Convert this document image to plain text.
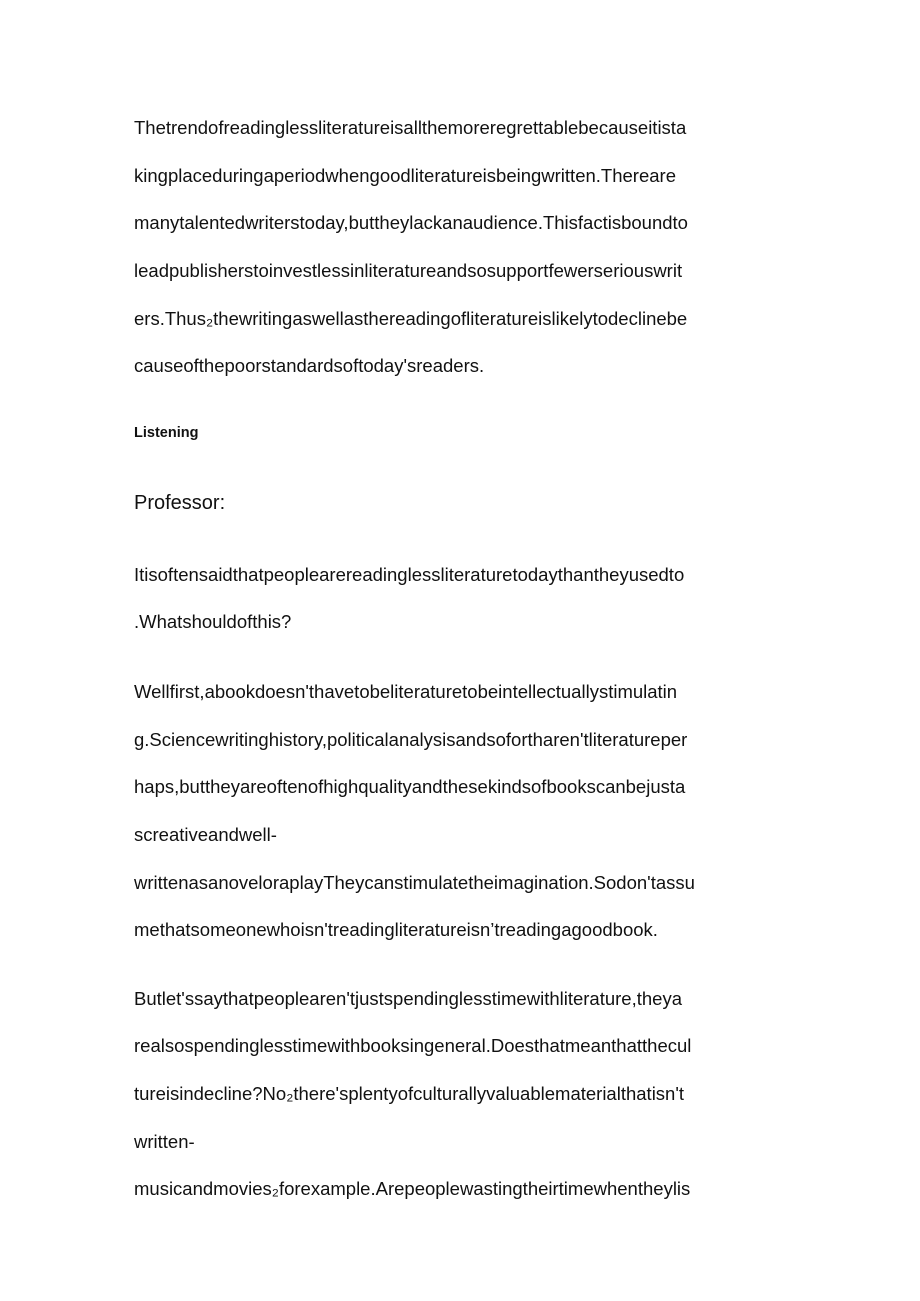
Thetrendofreadinglessliteratureisallthemoreregrettablebecauseitista

kingplaceduringaperiodwhengoodliteratureisbeingwritten.Thereare

manytalentedwriterstoday,buttheylackanaudience.Thisfactisboundto

leadpublisherstoinvestlessinliteratureandsosupportfewerseriouswrit

ers.Thus₂thewritingaswellasthereadingofliteratureislikelytodeclinebe

causeofthepoorstandardsoftoday'sreaders.

Listening

Professor:

Itisoftensaidthatpeoplearereadinglessliteraturetodaythantheyusedto

.Whatshouldofthis?

Wellfirst,abookdoesn'thavetobeliteraturetobeintellectuallystimulatin

g.Sciencewritinghistory,politicalanalysisandsofortharen'tliteratureper

haps,buttheyareoftenofhighqualityandthesekindsofbookscanbejusta

screativeandwell-

writtenasanoveloraplayTheycanstimulatetheimagination.Sodon'tassu

methatsomeonewhoisn'treadingliteratureisn’treadingagoodbook.

Butlet'ssaythatpeoplearen'tjustspendinglesstimewithliterature,theya

realsospendinglesstimewithbooksingeneral.Doesthatmeanthatthecul

tureisindecline?No₂there'splentyofculturallyvaluablematerialthatisn't

written-

musicandmovies₂forexample.Arepeoplewastingtheirtimewhentheylis
